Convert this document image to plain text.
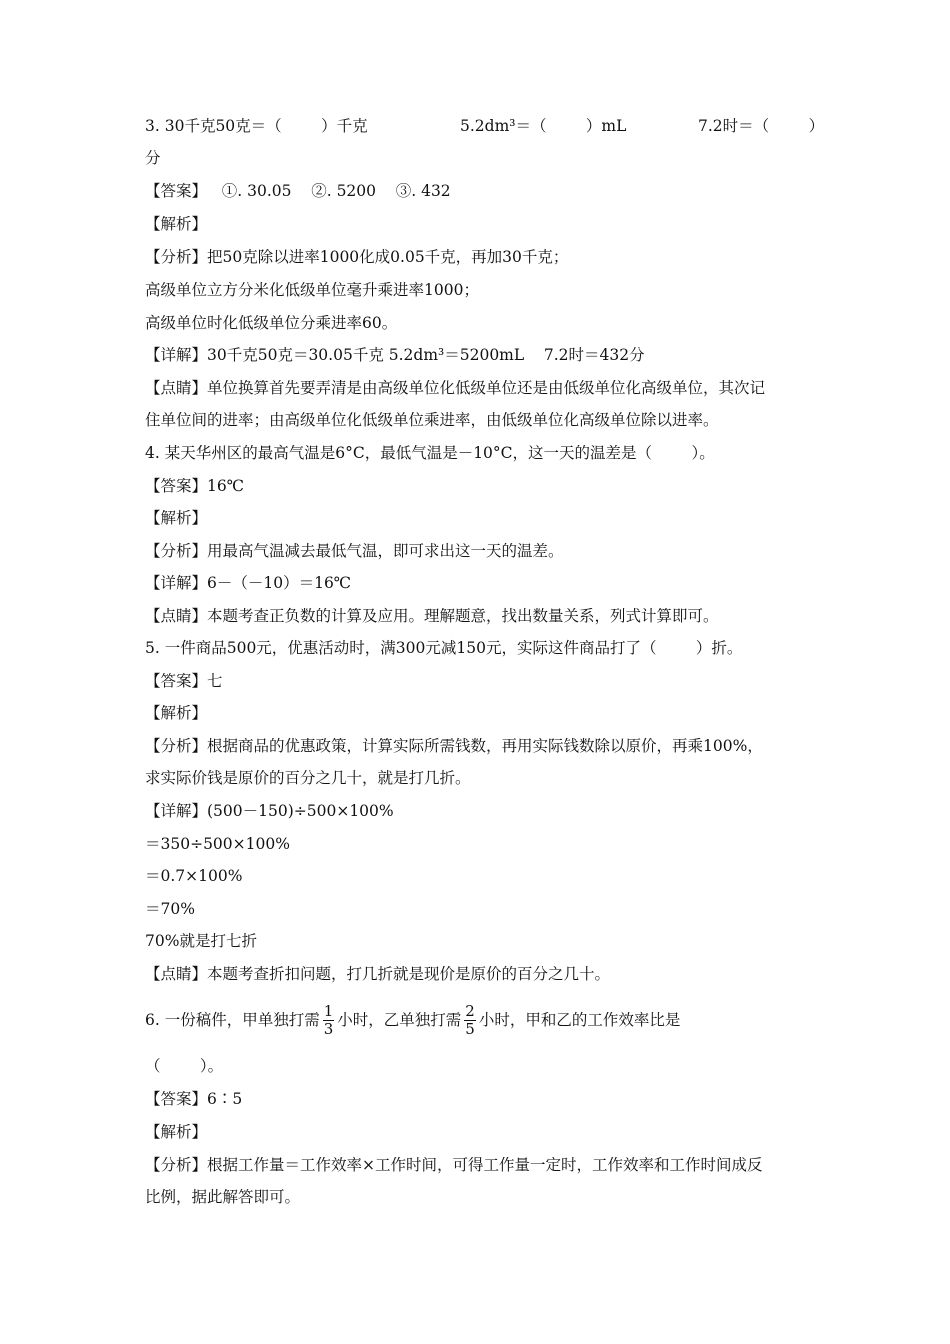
3. 30千克50克＝（        ）千克	5.2dm³＝（        ）mL	7.2时＝（        ）
分
【答案】   ①. 30.05    ②. 5200    ③. 432
【解析】
【分析】把50克除以进率1000化成0.05千克，再加30千克；
高级单位立方分米化低级单位毫升乘进率1000；
高级单位时化低级单位分乘进率60。
【详解】30千克50克＝30.05千克 5.2dm³＝5200mL    7.2时＝432分
【点睛】单位换算首先要弄清是由高级单位化低级单位还是由低级单位化高级单位，其次记
住单位间的进率；由高级单位化低级单位乘进率，由低级单位化高级单位除以进率。
4. 某天华州区的最高气温是6°C，最低气温是－10°C，这一天的温差是（        ）。
【答案】16℃
【解析】
【分析】用最高气温减去最低气温，即可求出这一天的温差。
【详解】6－（－10）＝16℃
【点睛】本题考查正负数的计算及应用。理解题意，找出数量关系，列式计算即可。
5. 一件商品500元，优惠活动时，满300元减150元，实际这件商品打了（        ）折。
【答案】七
【解析】
【分析】根据商品的优惠政策，计算实际所需钱数，再用实际钱数除以原价，再乘100%，
求实际价钱是原价的百分之几十，就是打几折。
【详解】(500－150)÷500×100%
＝350÷500×100%
＝0.7×100%
＝70%
70%就是打七折
【点睛】本题考查折扣问题，打几折就是现价是原价的百分之几十。
6. 一份稿件，甲单独打需 $\frac{1}{3}$ 小时，乙单独打需 $\frac{2}{5}$ 小时，甲和乙的工作效率比是
（        ）。
【答案】6∶5
【解析】
【分析】根据工作量＝工作效率×工作时间，可得工作量一定时，工作效率和工作时间成反
比例，据此解答即可。
